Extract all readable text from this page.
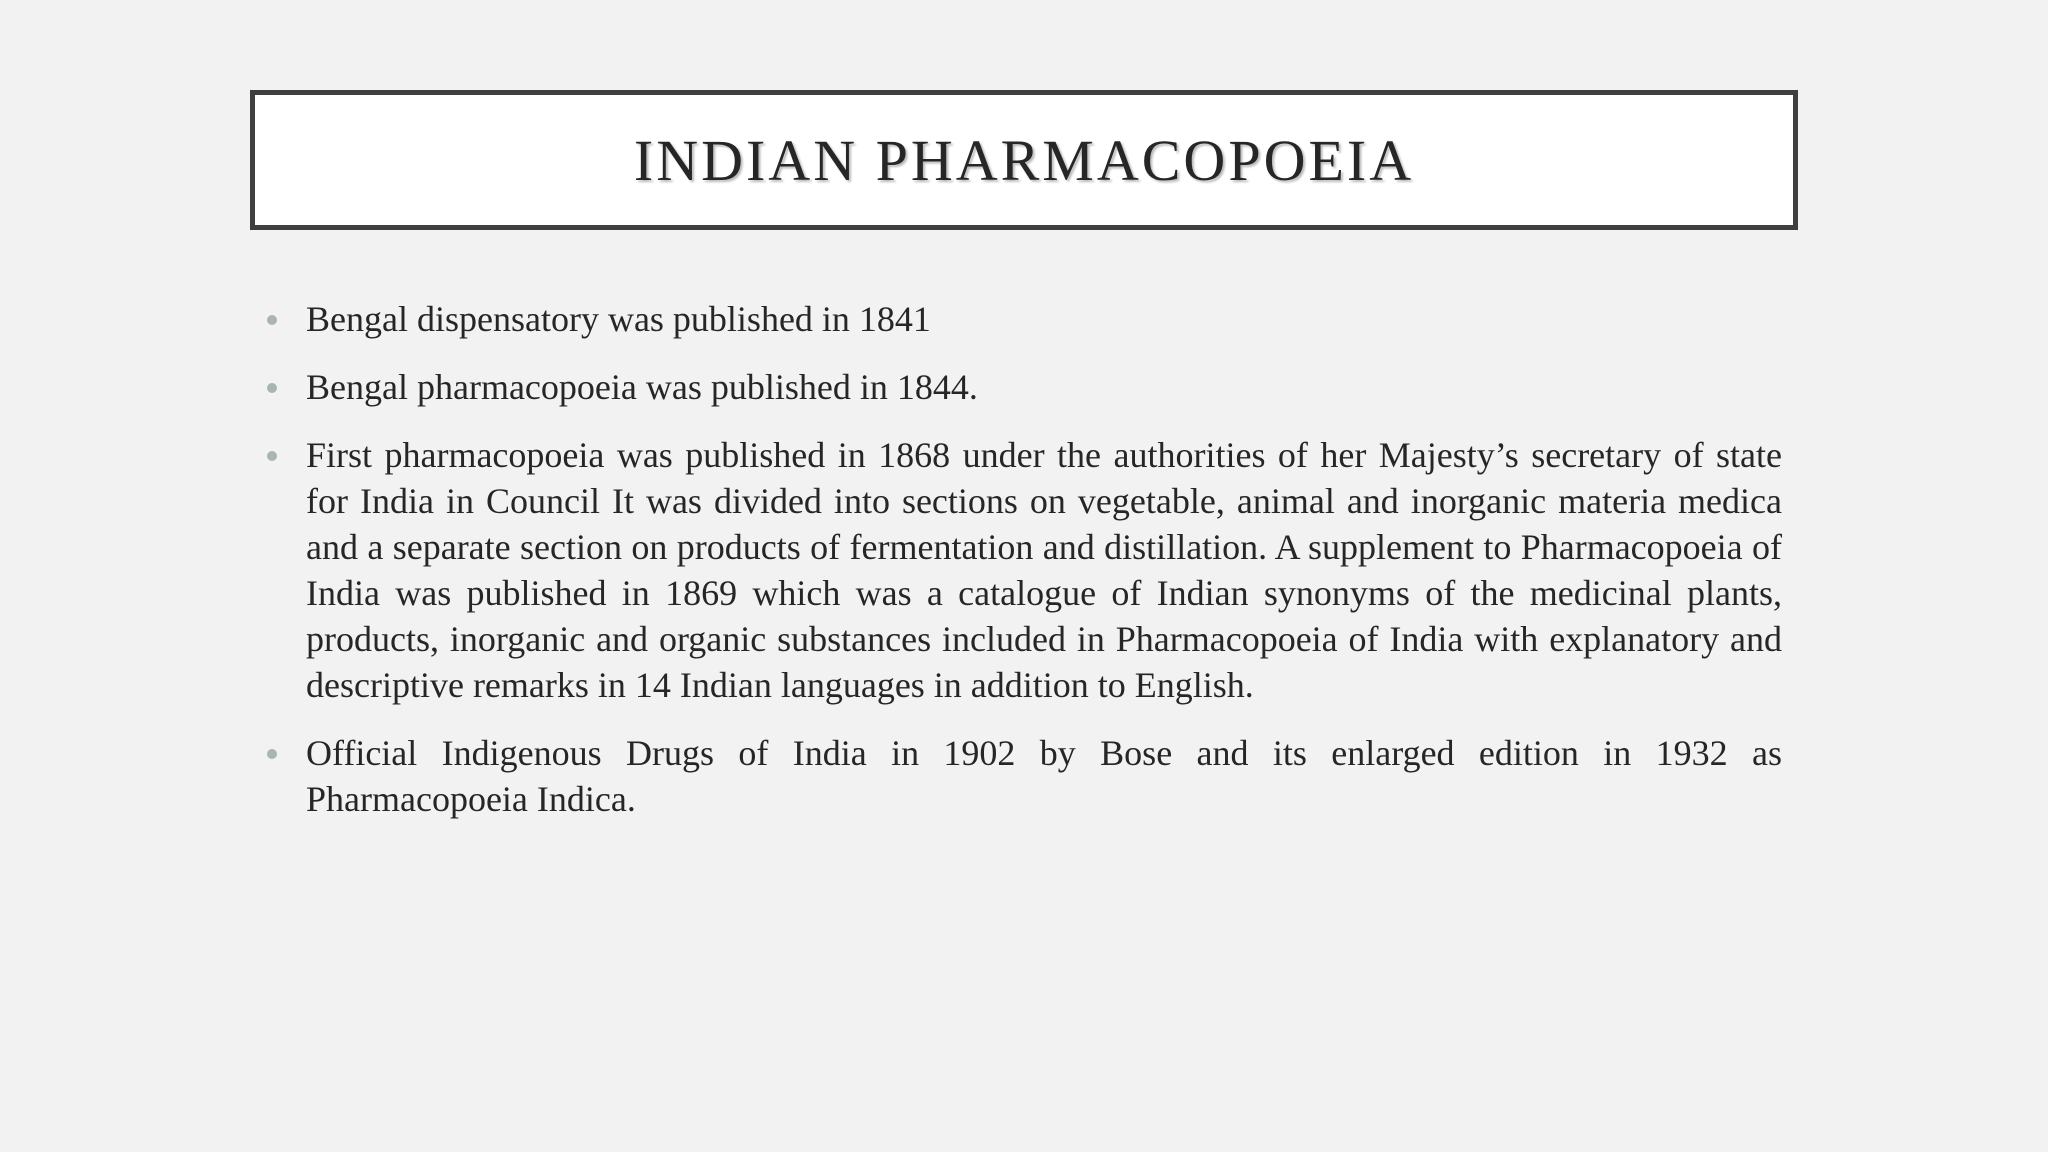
INDIAN PHARMACOPOEIA
Bengal dispensatory was published in 1841
Bengal pharmacopoeia was published in 1844.
First pharmacopoeia was published in 1868 under the authorities of her Majesty’s secretary of state for India in Council It was divided into sections on vegetable, animal and inorganic materia medica and a separate section on products of fermentation and distillation. A supplement to Pharmacopoeia of India was published in 1869 which was a catalogue of Indian synonyms of the medicinal plants, products, inorganic and organic substances included in Pharmacopoeia of India with explanatory and descriptive remarks in 14 Indian languages in addition to English.
Official Indigenous Drugs of India in 1902 by Bose and its enlarged edition in 1932 as Pharmacopoeia Indica.
